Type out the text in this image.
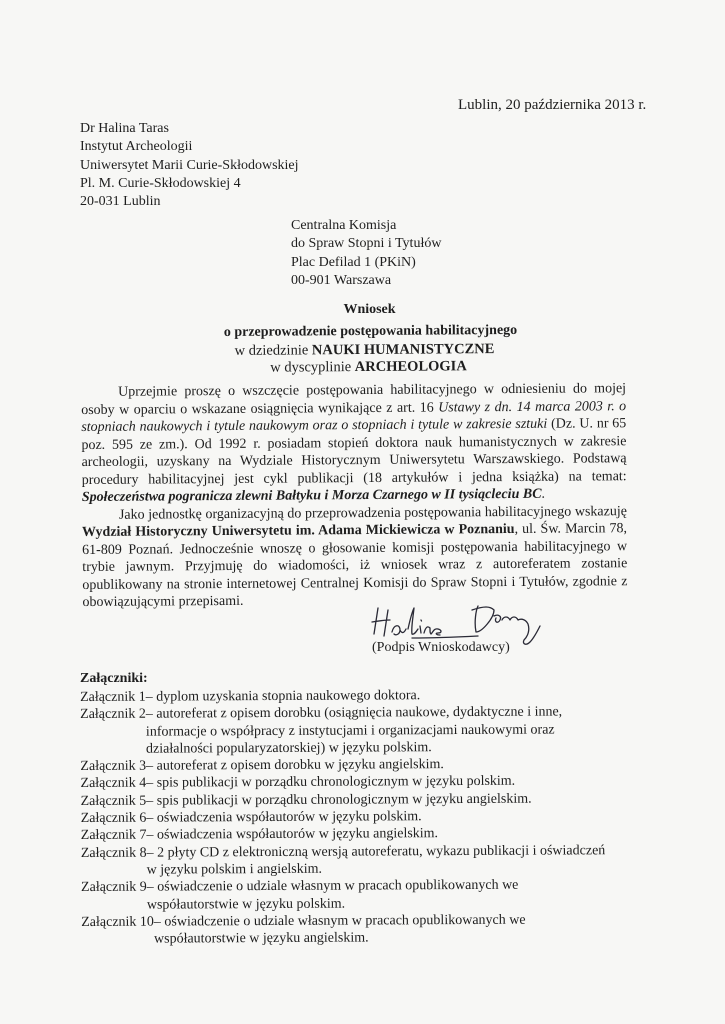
Lublin, 20 października 2013 r.
Dr Halina Taras
Instytut Archeologii
Uniwersytet Marii Curie-Skłodowskiej
Pl. M. Curie-Skłodowskiej 4
20-031 Lublin
Centralna Komisja
do Spraw Stopni i Tytułów
Plac Defilad 1 (PKiN)
00-901 Warszawa
Wniosek
o przeprowadzenie postępowania habilitacyjnego
w dziedzinie NAUKI HUMANISTYCZNE
w dyscyplinie ARCHEOLOGIA

Uprzejmie proszę o wszczęcie postępowania habilitacyjnego w odniesieniu do mojej osoby w oparciu o wskazane osiągnięcia wynikające z art. 16 Ustawy z dn. 14 marca 2003 r. o stopniach naukowych i tytule naukowym oraz o stopniach i tytule w zakresie sztuki (Dz. U. nr 65 poz. 595 ze zm.). Od 1992 r. posiadam stopień doktora nauk humanistycznych w zakresie archeologii, uzyskany na Wydziale Historycznym Uniwersytetu Warszawskiego. Podstawą procedury habilitacyjnej jest cykl publikacji (18 artykułów i jedna książka) na temat: Społeczeństwa pogranicza zlewni Bałtyku i Morza Czarnego w II tysiącleciu BC.

Jako jednostkę organizacyjną do przeprowadzenia postępowania habilitacyjnego wskazuję Wydział Historyczny Uniwersytetu im. Adama Mickiewicza w Poznaniu, ul. Św. Marcin 78, 61-809 Poznań. Jednocześnie wnoszę o głosowanie komisji postępowania habilitacyjnego w trybie jawnym. Przyjmuję do wiadomości, iż wniosek wraz z autoreferatem zostanie opublikowany na stronie internetowej Centralnej Komisji do Spraw Stopni i Tytułów, zgodnie z obowiązującymi przepisami.

(Podpis Wnioskodawcy)
Załączniki:
Załącznik 1 – dyplom uzyskania stopnia naukowego doktora.
Załącznik 2 – autoreferat z opisem dorobku (osiągnięcia naukowe, dydaktyczne i inne, informacje o współpracy z instytucjami i organizacjami naukowymi oraz działalności popularyzatorskiej) w języku polskim.
Załącznik 3 – autoreferat z opisem dorobku w języku angielskim.
Załącznik 4 – spis publikacji w porządku chronologicznym w języku polskim.
Załącznik 5 – spis publikacji w porządku chronologicznym w języku angielskim.
Załącznik 6 – oświadczenia współautorów w języku polskim.
Załącznik 7 – oświadczenia współautorów w języku angielskim.
Załącznik 8 – 2 płyty CD z elektroniczną wersją autoreferatu, wykazu publikacji i oświadczeń w języku polskim i angielskim.
Załącznik 9 – oświadczenie o udziale własnym w pracach opublikowanych we współautorstwie w języku polskim.
Załącznik 10 – oświadczenie o udziale własnym w pracach opublikowanych we współautorstwie w języku angielskim.
